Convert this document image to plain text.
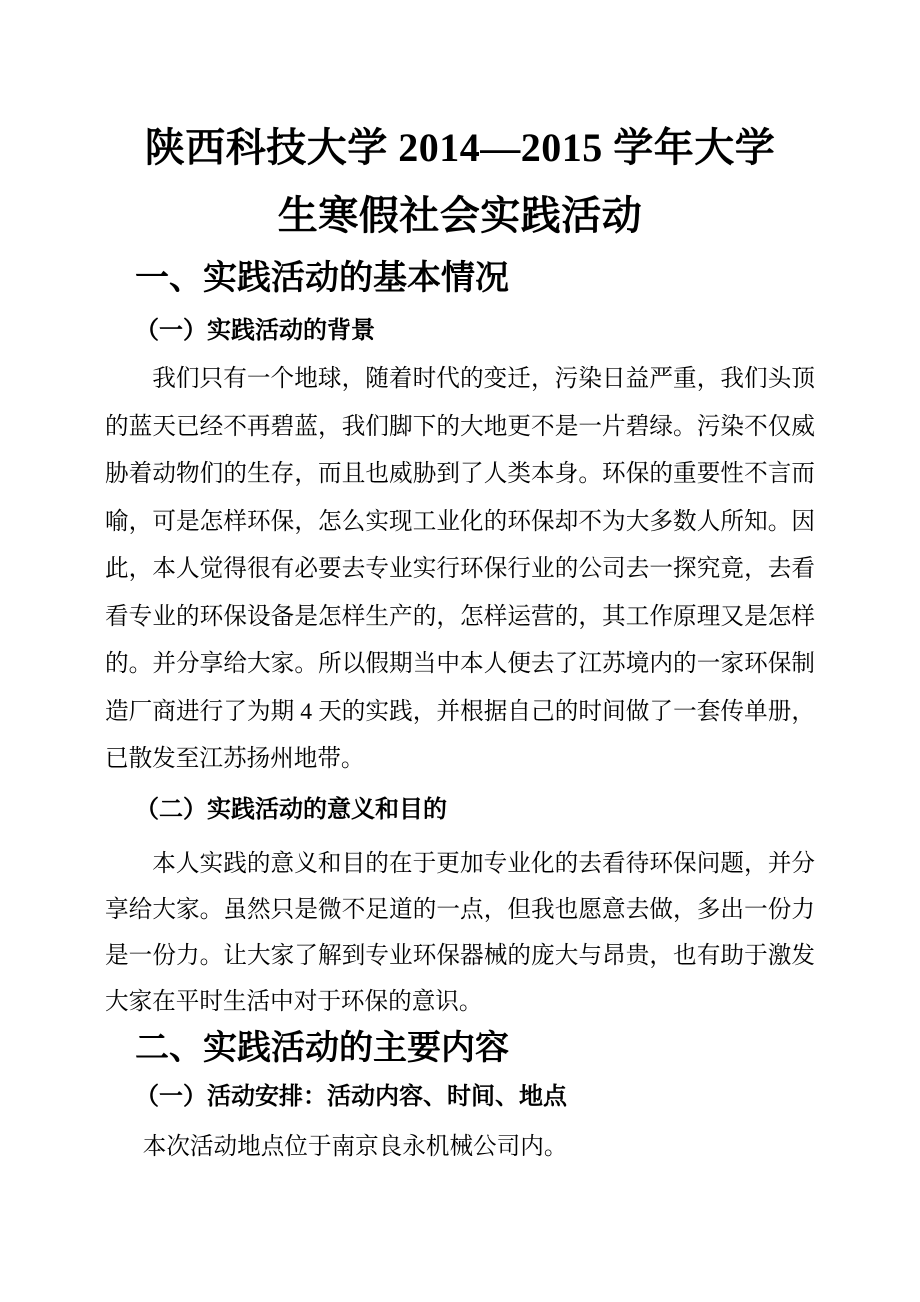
陕西科技大学 2014—2015 学年大学
生寒假社会实践活动
一、实践活动的基本情况
（一）实践活动的背景
我们只有一个地球，随着时代的变迁，污染日益严重，我们头顶的蓝天已经不再碧蓝，我们脚下的大地更不是一片碧绿。污染不仅威胁着动物们的生存，而且也威胁到了人类本身。环保的重要性不言而喻，可是怎样环保，怎么实现工业化的环保却不为大多数人所知。因此，本人觉得很有必要去专业实行环保行业的公司去一探究竟，去看看专业的环保设备是怎样生产的，怎样运营的，其工作原理又是怎样的。并分享给大家。所以假期当中本人便去了江苏境内的一家环保制造厂商进行了为期 4 天的实践，并根据自己的时间做了一套传单册，已散发至江苏扬州地带。
（二）实践活动的意义和目的
本人实践的意义和目的在于更加专业化的去看待环保问题，并分享给大家。虽然只是微不足道的一点，但我也愿意去做，多出一份力是一份力。让大家了解到专业环保器械的庞大与昂贵，也有助于激发大家在平时生活中对于环保的意识。
二、实践活动的主要内容
（一）活动安排：活动内容、时间、地点
本次活动地点位于南京良永机械公司内。
